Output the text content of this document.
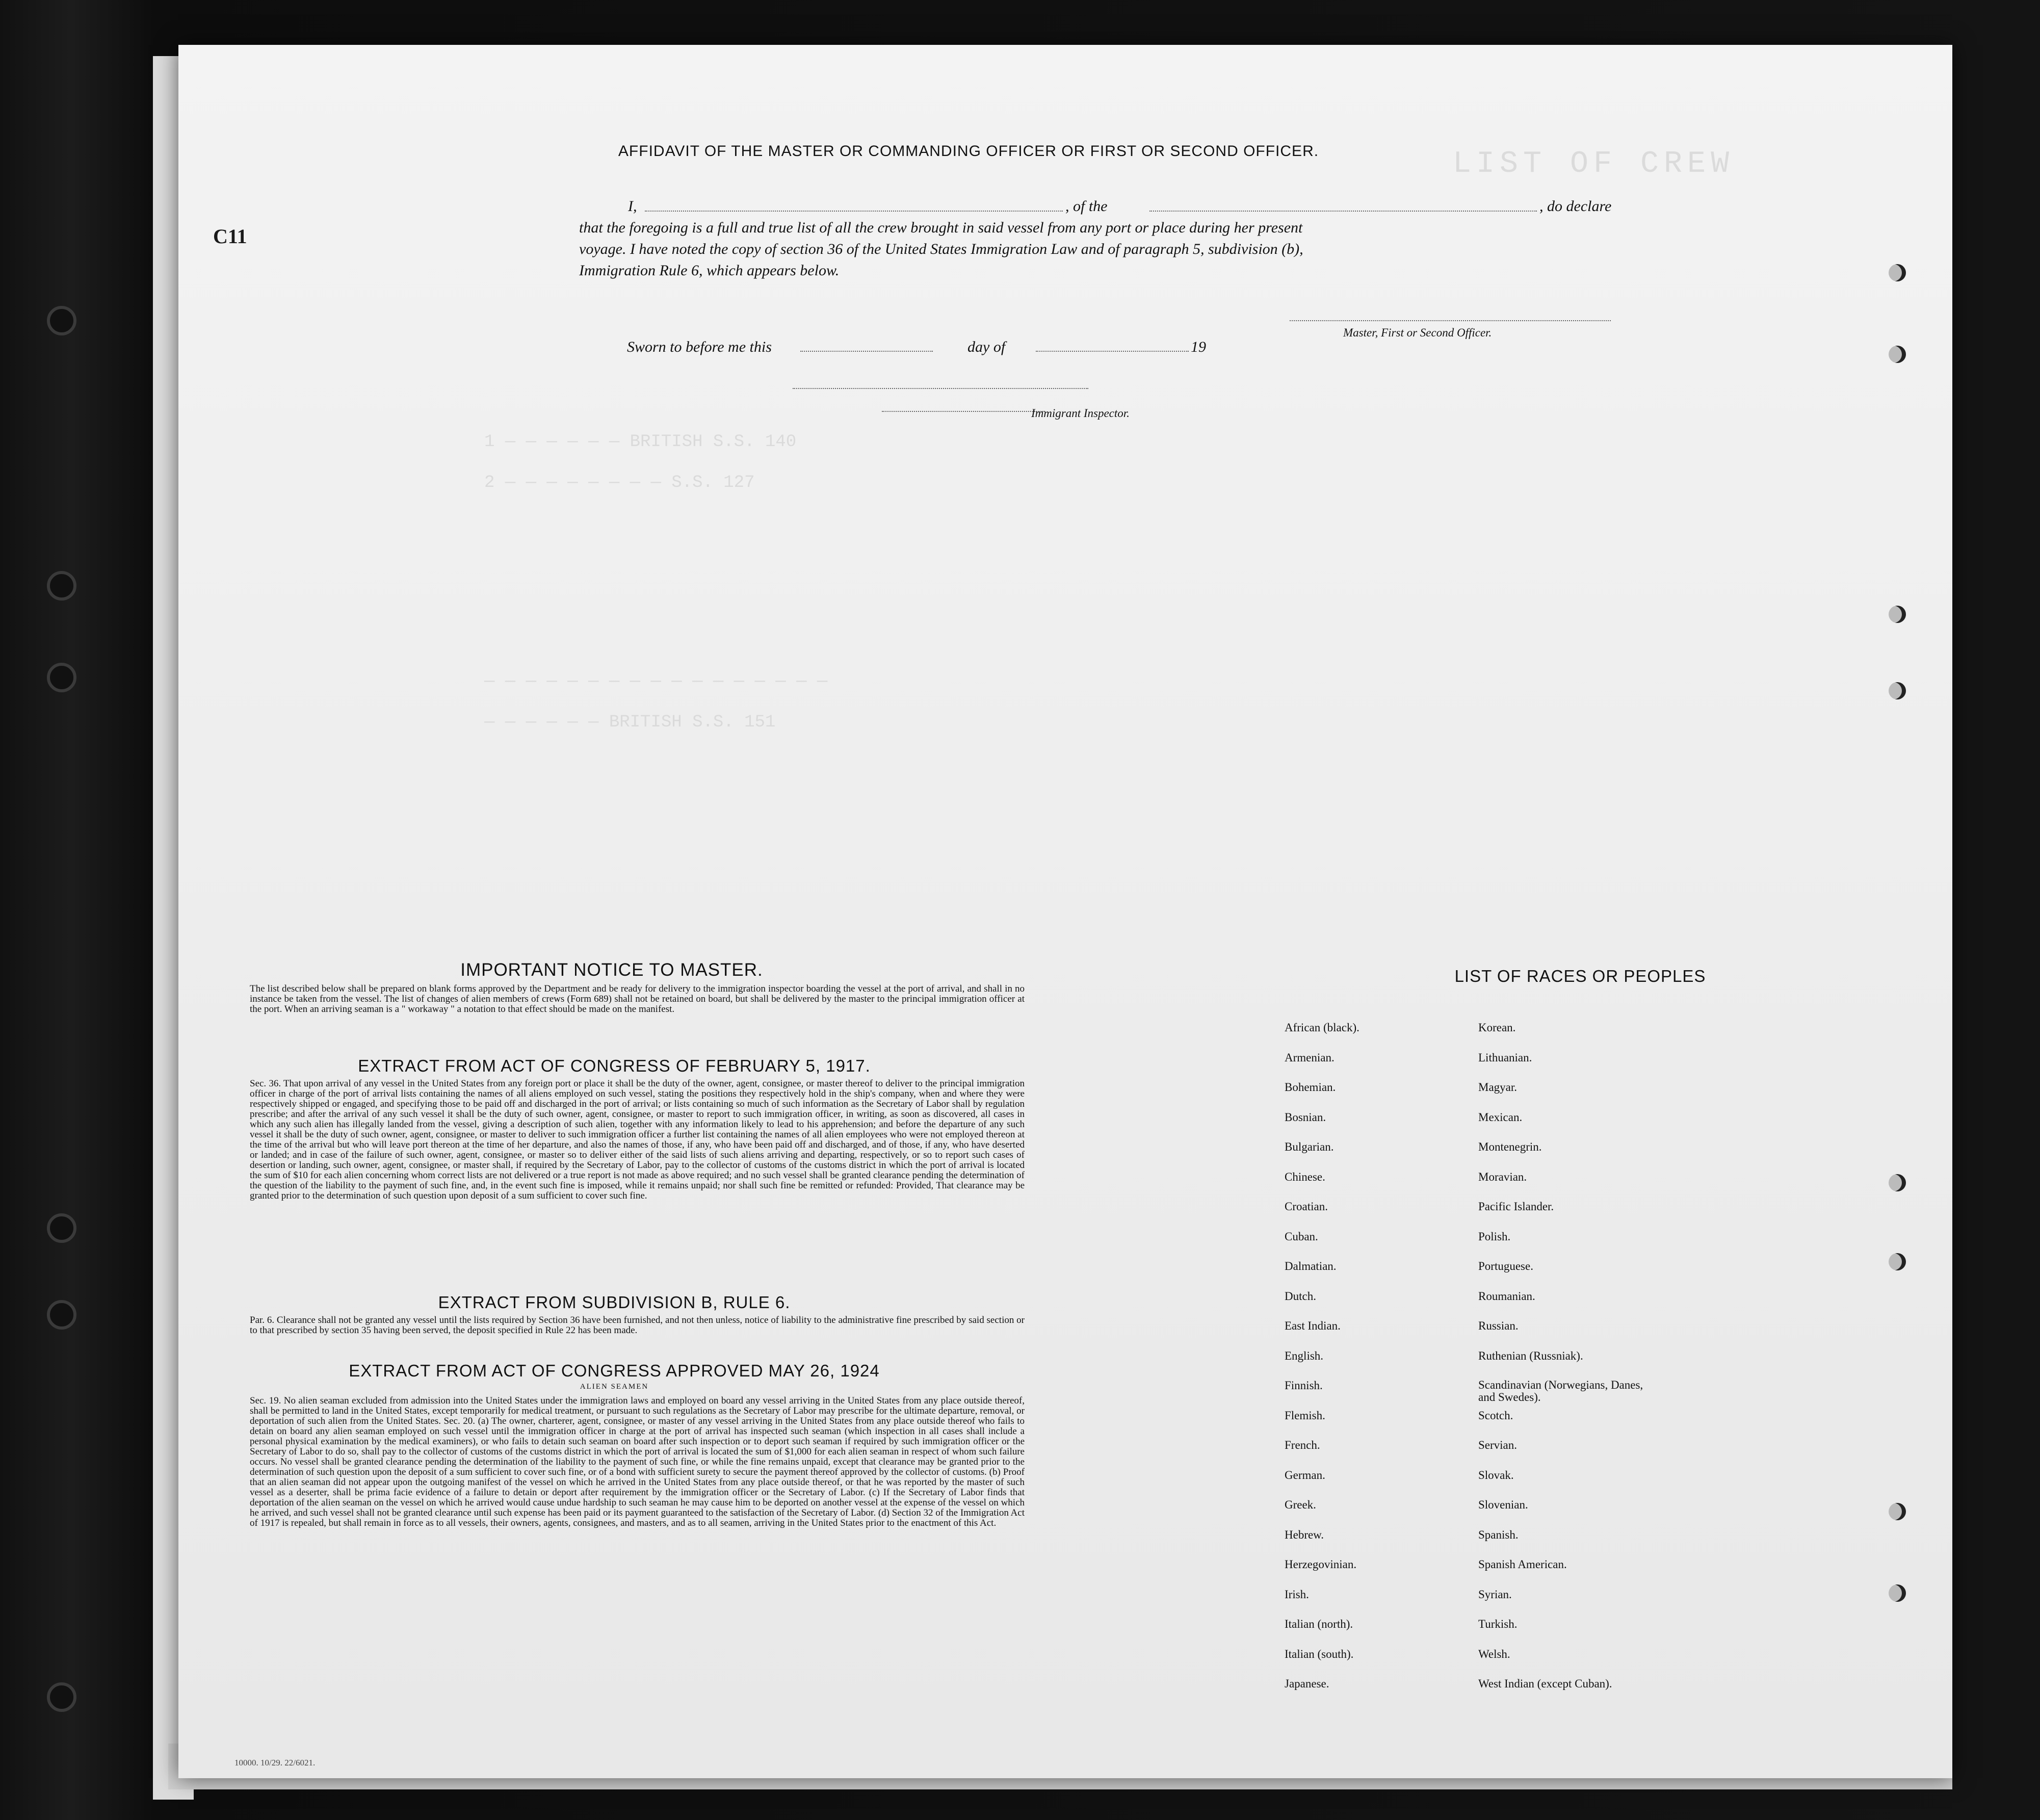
LIST OF CREW
1 — — — — — — BRITISH S.S. 140
2 — — — — — — — — S.S. 127
— — — — — — — — — — — — — — — — —
— — — — — — BRITISH S.S. 151
C11
AFFIDAVIT OF THE MASTER OR COMMANDING OFFICER OR FIRST OR SECOND OFFICER.
I,	, of the	, do declare
that the foregoing is a full and true list of all the crew brought in said vessel from any port or place during her present
voyage. I have noted the copy of section 36 of the United States Immigration Law and of paragraph 5, subdivision (b),
Immigration Rule 6, which appears below.
Master, First or Second Officer.
Sworn to before me this	day of	19
Immigrant Inspector.
IMPORTANT NOTICE TO MASTER.
The list described below shall be prepared on blank forms approved by the Department and be ready for delivery to the immigration inspector boarding the vessel at the port of arrival, and shall in no instance be taken from the vessel. The list of changes of alien members of crews (Form 689) shall not be retained on board, but shall be delivered by the master to the principal immigration officer at the port. When an arriving seaman is a " workaway " a notation to that effect should be made on the manifest.
EXTRACT FROM ACT OF CONGRESS OF FEBRUARY 5, 1917.
Sec. 36. That upon arrival of any vessel in the United States from any foreign port or place it shall be the duty of the owner, agent, consignee, or master thereof to deliver to the principal immigration officer in charge of the port of arrival lists containing the names of all aliens employed on such vessel, stating the positions they respectively hold in the ship's company, when and where they were respectively shipped or engaged, and specifying those to be paid off and discharged in the port of arrival; or lists containing so much of such information as the Secretary of Labor shall by regulation prescribe; and after the arrival of any such vessel it shall be the duty of such owner, agent, consignee, or master to report to such immigration officer, in writing, as soon as discovered, all cases in which any such alien has illegally landed from the vessel, giving a description of such alien, together with any information likely to lead to his apprehension; and before the departure of any such vessel it shall be the duty of such owner, agent, consignee, or master to deliver to such immigration officer a further list containing the names of all alien employees who were not employed thereon at the time of the arrival but who will leave port thereon at the time of her departure, and also the names of those, if any, who have been paid off and discharged, and of those, if any, who have deserted or landed; and in case of the failure of such owner, agent, consignee, or master so to deliver either of the said lists of such aliens arriving and departing, respectively, or so to report such cases of desertion or landing, such owner, agent, consignee, or master shall, if required by the Secretary of Labor, pay to the collector of customs of the customs district in which the port of arrival is located the sum of $10 for each alien concerning whom correct lists are not delivered or a true report is not made as above required; and no such vessel shall be granted clearance pending the determination of the question of the liability to the payment of such fine, and, in the event such fine is imposed, while it remains unpaid; nor shall such fine be remitted or refunded: Provided, That clearance may be granted prior to the determination of such question upon deposit of a sum sufficient to cover such fine.
EXTRACT FROM SUBDIVISION B, RULE 6.
Par. 6. Clearance shall not be granted any vessel until the lists required by Section 36 have been furnished, and not then unless, notice of liability to the administrative fine prescribed by said section or to that prescribed by section 35 having been served, the deposit specified in Rule 22 has been made.
EXTRACT FROM ACT OF CONGRESS APPROVED MAY 26, 1924
ALIEN SEAMEN
Sec. 19. No alien seaman excluded from admission into the United States under the immigration laws and employed on board any vessel arriving in the United States from any place outside thereof, shall be permitted to land in the United States, except temporarily for medical treatment, or pursuant to such regulations as the Secretary of Labor may prescribe for the ultimate departure, removal, or deportation of such alien from the United States. Sec. 20. (a) The owner, charterer, agent, consignee, or master of any vessel arriving in the United States from any place outside thereof who fails to detain on board any alien seaman employed on such vessel until the immigration officer in charge at the port of arrival has inspected such seaman (which inspection in all cases shall include a personal physical examination by the medical examiners), or who fails to detain such seaman on board after such inspection or to deport such seaman if required by such immigration officer or the Secretary of Labor to do so, shall pay to the collector of customs of the customs district in which the port of arrival is located the sum of $1,000 for each alien seaman in respect of whom such failure occurs. No vessel shall be granted clearance pending the determination of the liability to the payment of such fine, or while the fine remains unpaid, except that clearance may be granted prior to the determination of such question upon the deposit of a sum sufficient to cover such fine, or of a bond with sufficient surety to secure the payment thereof approved by the collector of customs. (b) Proof that an alien seaman did not appear upon the outgoing manifest of the vessel on which he arrived in the United States from any place outside thereof, or that he was reported by the master of such vessel as a deserter, shall be prima facie evidence of a failure to detain or deport after requirement by the immigration officer or the Secretary of Labor. (c) If the Secretary of Labor finds that deportation of the alien seaman on the vessel on which he arrived would cause undue hardship to such seaman he may cause him to be deported on another vessel at the expense of the vessel on which he arrived, and such vessel shall not be granted clearance until such expense has been paid or its payment guaranteed to the satisfaction of the Secretary of Labor. (d) Section 32 of the Immigration Act of 1917 is repealed, but shall remain in force as to all vessels, their owners, agents, consignees, and masters, and as to all seamen, arriving in the United States prior to the enactment of this Act.
LIST OF RACES OR PEOPLES
10000. 10/29. 22/6021.
African (black).
Armenian.
Bohemian.
Bosnian.
Bulgarian.
Chinese.
Croatian.
Cuban.
Dalmatian.
Dutch.
East Indian.
English.
Finnish.
Flemish.
French.
German.
Greek.
Hebrew.
Herzegovinian.
Irish.
Italian (north).
Italian (south).
Japanese.
Korean.
Lithuanian.
Magyar.
Mexican.
Montenegrin.
Moravian.
Pacific Islander.
Polish.
Portuguese.
Roumanian.
Russian.
Ruthenian (Russniak).
Scandinavian (Norwegians, Danes, and Swedes).
Scotch.
Servian.
Slovak.
Slovenian.
Spanish.
Spanish American.
Syrian.
Turkish.
Welsh.
West Indian (except Cuban).
